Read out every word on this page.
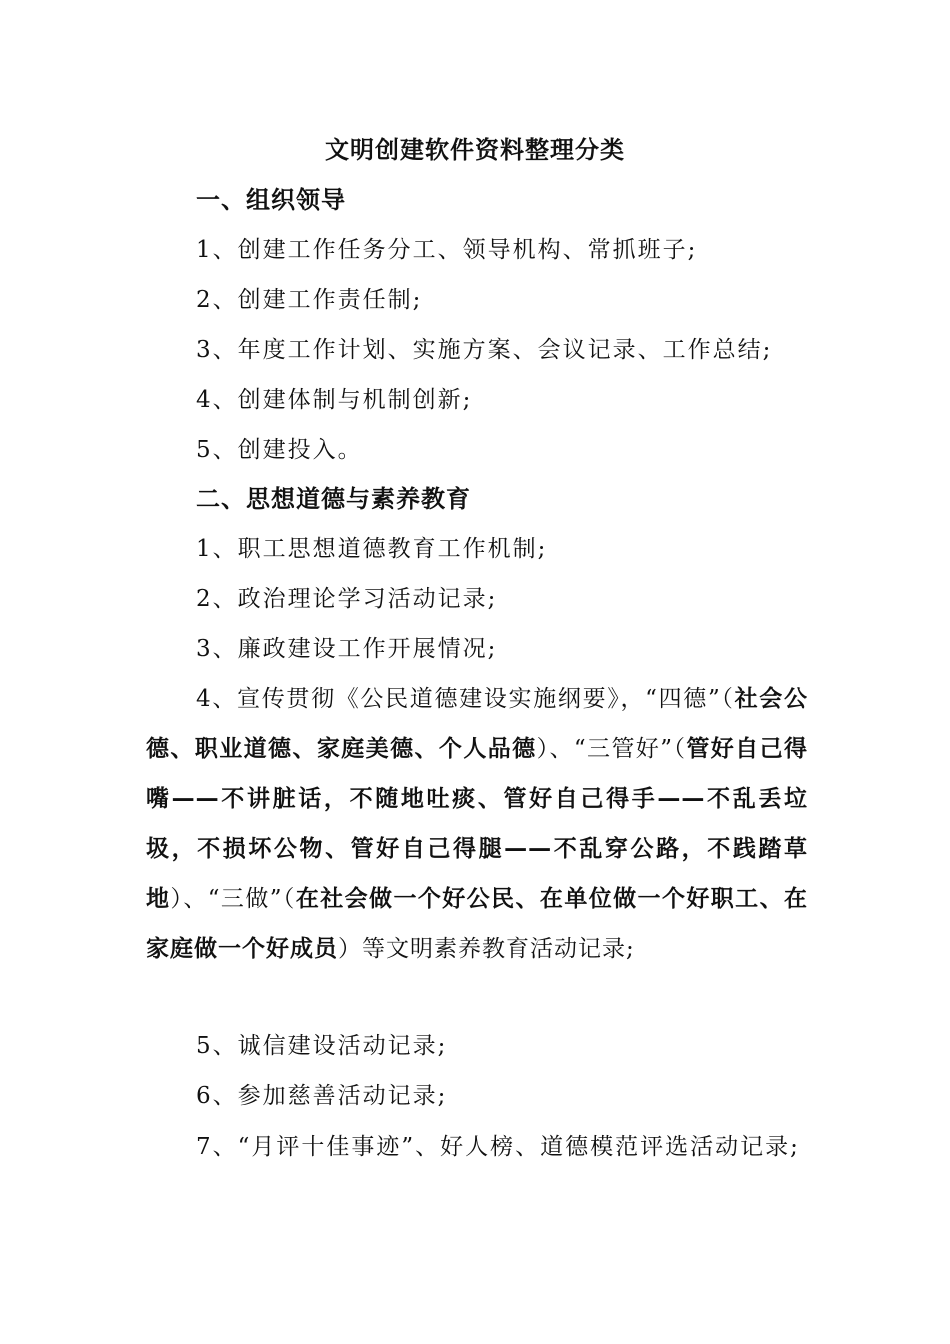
文明创建软件资料整理分类
一、组织领导
1、创建工作任务分工、领导机构、常抓班子;
2、创建工作责任制;
3、年度工作计划、实施方案、会议记录、工作总结;
4、创建体制与机制创新;
5、创建投入。
二、思想道德与素养教育
1、职工思想道德教育工作机制;
2、政治理论学习活动记录;
3、廉政建设工作开展情况;
4、宣传贯彻《公民道德建设实施纲要》，“四德”（社会公德、职业道德、家庭美德、个人品德）、“三管好”（管好自己得嘴——不讲脏话，不随地吐痰、管好自己得手——不乱丢垃圾，不损坏公物、管好自己得腿——不乱穿公路，不践踏草地）、“三做”（在社会做一个好公民、在单位做一个好职工、在家庭做一个好成员）等文明素养教育活动记录;
5、诚信建设活动记录;
6、参加慈善活动记录;
7、“月评十佳事迹”、好人榜、道德模范评选活动记录;
